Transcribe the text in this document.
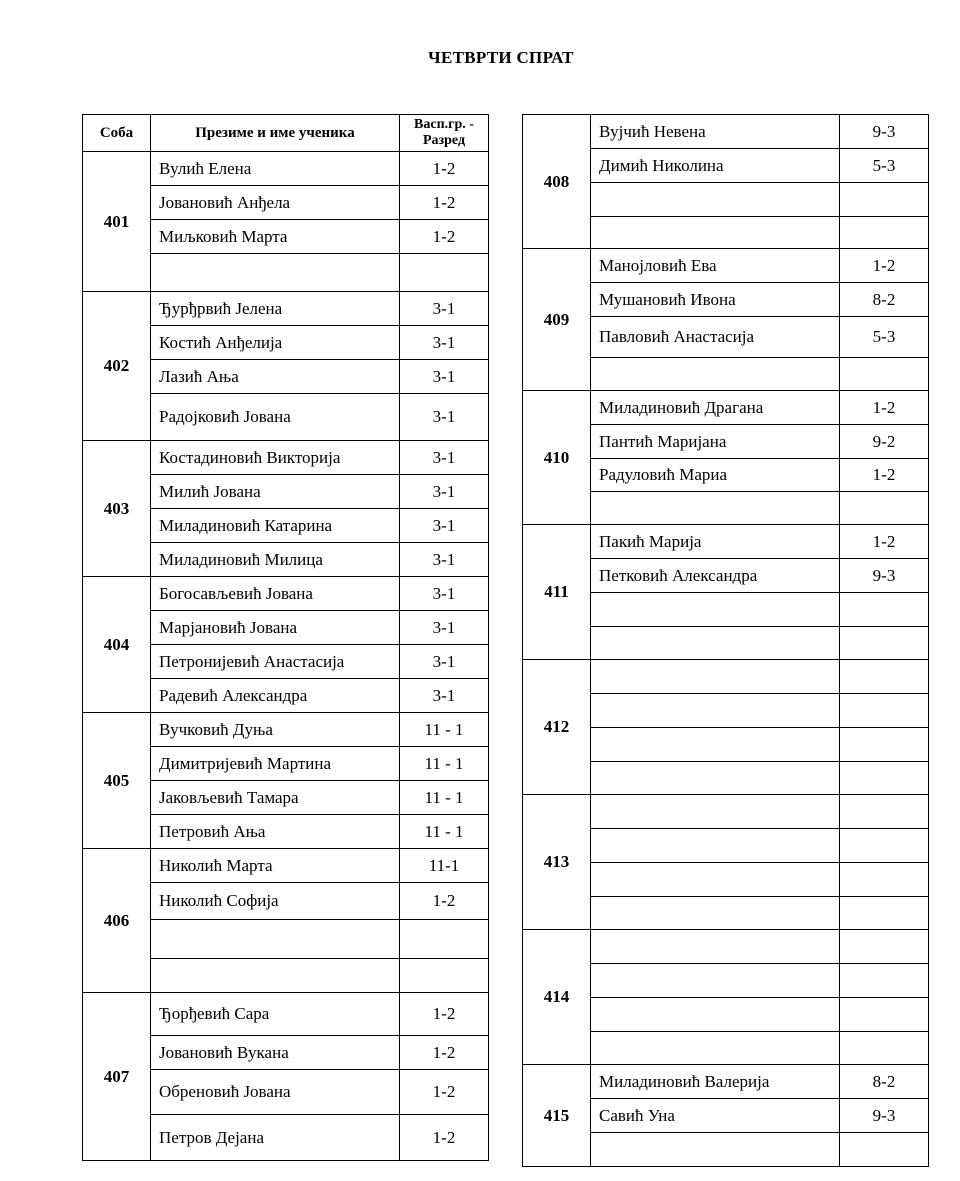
ЧЕТВРТИ СПРАТ
Соба	Презиме и име ученика	Васп.гр. -
Разред
401	Вулић Елена	1-2
	Јовановић Анђела	1-2
	Миљковић Марта	1-2

402	Ђурђрвић Јелена	3-1
	Костић Анђелија	3-1
	Лазић Ања	3-1
	Радојковић Јована	3-1
403	Костадиновић Викторија	3-1
	Милић Јована	3-1
	Миладиновић Катарина	3-1
	Миладиновић Милица	3-1
404	Богосављевић Јована	3-1
	Марјановић Јована	3-1
	Петронијевић Анастасија	3-1
	Радевић Александра	3-1
405	Вучковић Дуња	11 - 1
	Димитријевић Мартина	11 - 1
	Јаковљевић Тамара	11 - 1
	Петровић Ања	11 - 1
406	Николић Марта	11-1
	Николић Софија	1-2

407	Ђорђевић Сара	1-2
	Јовановић Вукана	1-2
	Обреновић Јована	1-2
	Петров Дејана	1-2
408	Вујчић Невена	9-3
	Димић Николина	5-3

409	Манојловић Ева	1-2
	Мушановић Ивона	8-2
	Павловић Анастасија	5-3

410	Миладиновић Драгана	1-2
	Пантић Маријана	9-2
	Радуловић Мариа	1-2

411	Пакић Марија	1-2
	Петковић Александра	9-3

412		

413		

414		

415	Миладиновић Валерија	8-2
	Савић Уна	9-3
